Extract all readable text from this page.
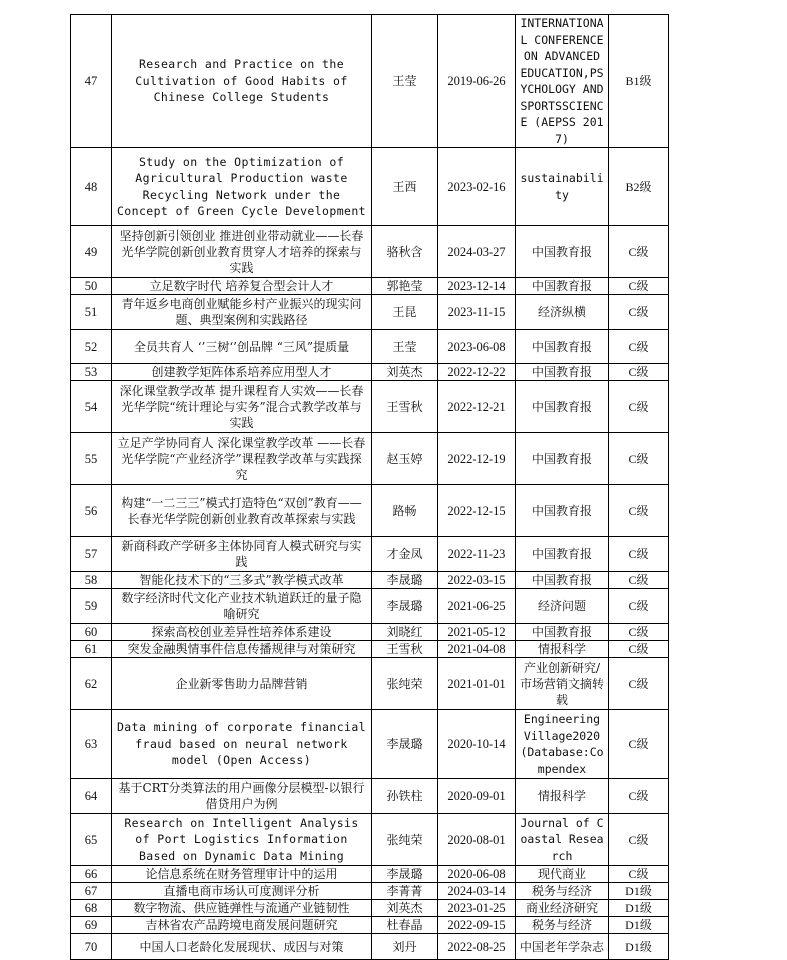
47	Research and Practice on the Cultivation of Good Habits of Chinese College Students	王莹	2019-06-26	INTERNATIONAL CONFERENCE ON ADVANCED EDUCATION,PSYCHOLOGY AND SPORTSSCIENCE (AEPSS 2017)	B1级
48	Study on the Optimization of Agricultural Production waste Recycling Network under the Concept of Green Cycle Development	王西	2023-02-16	sustainability	B2级
49	坚持创新引领创业 推进创业带动就业——长春光华学院创新创业教育贯穿人才培养的探索与实践	骆秋含	2024-03-27	中国教育报	C级
50	立足数字时代 培养复合型会计人才	郭艳莹	2023-12-14	中国教育报	C级
51	青年返乡电商创业赋能乡村产业振兴的现实问题、典型案例和实践路径	王昆	2023-11-15	经济纵横	C级
52	全员共育人 ‘’三树‘’创品牌 “三风”提质量	王莹	2023-06-08	中国教育报	C级
53	创建教学矩阵体系培养应用型人才	刘英杰	2022-12-22	中国教育报	C级
54	深化课堂教学改革 提升课程育人实效——长春光华学院“统计理论与实务”混合式教学改革与实践	王雪秋	2022-12-21	中国教育报	C级
55	立足产学协同育人 深化课堂教学改革 ——长春光华学院“产业经济学”课程教学改革与实践探究	赵玉婷	2022-12-19	中国教育报	C级
56	构建“一二三三”模式打造特色“双创”教育——长春光华学院创新创业教育改革探索与实践	路畅	2022-12-15	中国教育报	C级
57	新商科政产学研多主体协同育人模式研究与实践	才金凤	2022-11-23	中国教育报	C级
58	智能化技术下的“三多式”教学模式改革	李晟璐	2022-03-15	中国教育报	C级
59	数字经济时代文化产业技术轨道跃迁的量子隐喻研究	李晟璐	2021-06-25	经济问题	C级
60	探索高校创业差异性培养体系建设	刘晓红	2021-05-12	中国教育报	C级
61	突发金融舆情事件信息传播规律与对策研究	王雪秋	2021-04-08	情报科学	C级
62	企业新零售助力品牌营销	张纯荣	2021-01-01	产业创新研究/市场营销文摘转载	C级
63	Data mining of corporate financial fraud based on neural network model (Open Access)	李晟璐	2020-10-14	Engineering Village2020(Database:Compendex	C级
64	基于CRT分类算法的用户画像分层模型-以银行借贷用户为例	孙铁柱	2020-09-01	情报科学	C级
65	Research on Intelligent Analysis of Port Logistics Information Based on Dynamic Data Mining	张纯荣	2020-08-01	Journal of Coastal Research	C级
66	论信息系统在财务管理审计中的运用	李晟璐	2020-06-08	现代商业	C级
67	直播电商市场认可度测评分析	李菁菁	2024-03-14	税务与经济	D1级
68	数字物流、供应链弹性与流通产业链韧性	刘英杰	2023-01-25	商业经济研究	D1级
69	吉林省农产品跨境电商发展问题研究	杜春晶	2022-09-15	税务与经济	D1级
70	中国人口老龄化发展现状、成因与对策	刘丹	2022-08-25	中国老年学杂志	D1级
